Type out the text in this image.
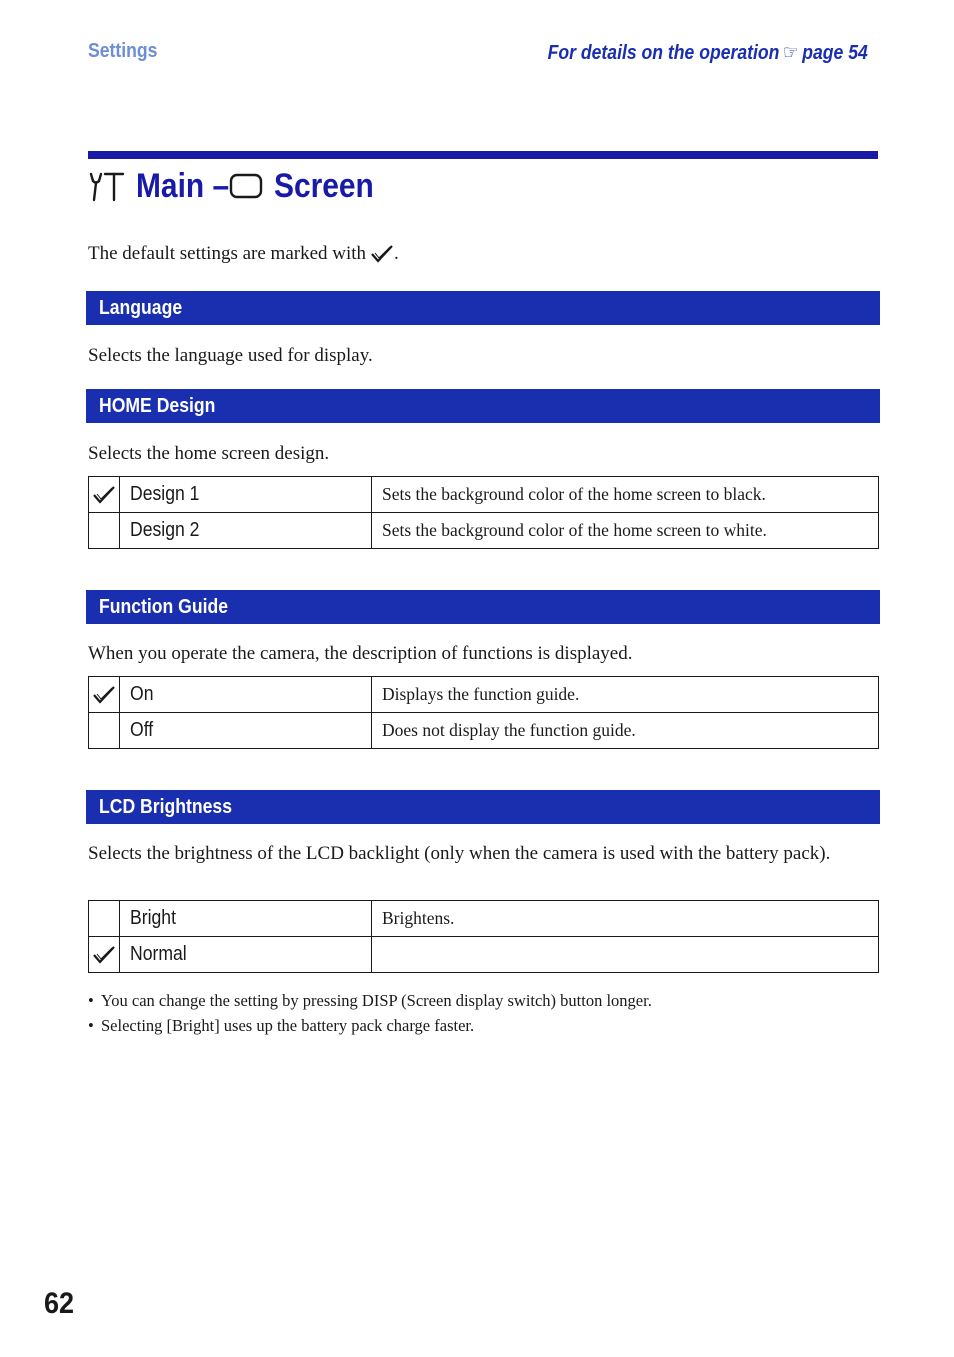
Settings	For details on the operation ☞ page 54
Main – Screen
The default settings are marked with .
Language
Selects the language used for display.
HOME Design
Selects the home screen design.
	Design 1	Sets the background color of the home screen to black.
	Design 2	Sets the background color of the home screen to white.
Function Guide
When you operate the camera, the description of functions is displayed.
	On	Displays the function guide.
	Off	Does not display the function guide.
LCD Brightness
Selects the brightness of the LCD backlight (only when the camera is used with the battery pack).
	Bright	Brightens.

	Normal	
• You can change the setting by pressing DISP (Screen display switch) button longer.
• Selecting [Bright] uses up the battery pack charge faster.
62
